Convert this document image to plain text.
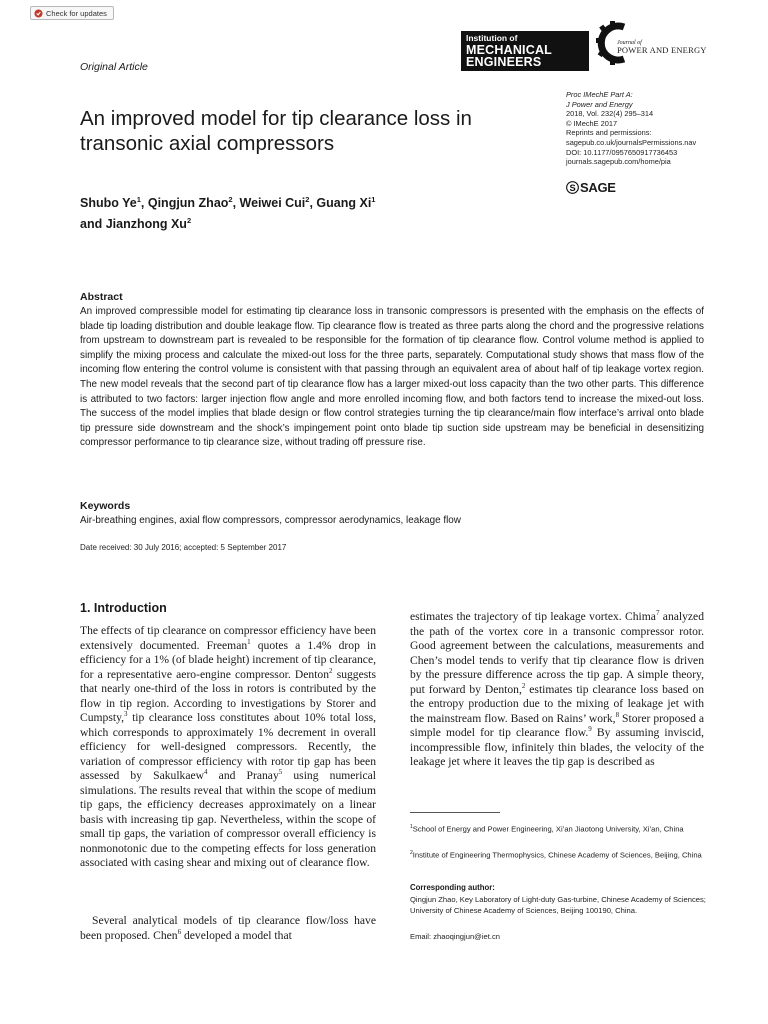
Check for updates
Original Article
Institution of
MECHANICAL
ENGINEERS
Journal of
POWER AND ENERGY
Proc IMechE Part A:
J Power and Energy
2018, Vol. 232(4) 295–314
© IMechE 2017
Reprints and permissions:
sagepub.co.uk/journalsPermissions.nav
DOI: 10.1177/0957650917736453
journals.sagepub.com/home/pia
S SAGE
An improved model for tip clearance loss in transonic axial compressors
Shubo Ye$^1$, Qingjun Zhao$^2$, Weiwei Cui$^2$, Guang Xi$^1$
and Jianzhong Xu$^2$
Abstract

An improved compressible model for estimating tip clearance loss in transonic compressors is presented with the emphasis on the effects of blade tip loading distribution and double leakage flow. Tip clearance flow is treated as three parts along the chord and the progressive relations from upstream to downstream part is revealed to be responsible for the formation of tip clearance flow. Control volume method is applied to simplify the mixing process and calculate the mixed-out loss for the three parts, separately. Computational study shows that mass flow of the incoming flow entering the control volume is consistent with that passing through an equivalent area of about half of tip leakage vortex region. The new model reveals that the second part of tip clearance flow has a larger mixed-out loss capacity than the two other parts. This difference is attributed to two factors: larger injection flow angle and more enrolled incoming flow, and both factors tend to increase the mixed-out loss. The success of the model implies that blade design or flow control strategies turning the tip clearance/main flow interface’s arrival onto blade tip pressure side downstream and the shock’s impingement point onto blade tip suction side upstream may be beneficial in desensitizing compressor performance to tip clearance size, without trading off pressure rise.

Keywords
Air-breathing engines, axial flow compressors, compressor aerodynamics, leakage flow
Date received: 30 July 2016; accepted: 5 September 2017
1. Introduction

The effects of tip clearance on compressor efficiency have been extensively documented. Freeman$^1$ quotes a 1.4% drop in efficiency for a 1% (of blade height) increment of tip clearance, for a representative aero-engine compressor. Denton$^2$ suggests that nearly one-third of the loss in rotors is contributed by the flow in tip region. According to investigations by Storer and Cumpsty,$^3$ tip clearance loss constitutes about 10% total loss, which corresponds to approximately 1% decrement in overall efficiency for well-designed compressors. Recently, the variation of compressor efficiency with rotor tip gap has been assessed by Sakulkaew$^4$ and Pranay$^5$ using numerical simulations. The results reveal that within the scope of medium tip gaps, the efficiency decreases approximately on a linear basis with increasing tip gap. Nevertheless, within the scope of small tip gaps, the variation of compressor overall efficiency is nonmonotonic due to the competing effects for loss generation associated with casing shear and mixing out of clearance flow.

Several analytical models of tip clearance flow/loss have been proposed. Chen$^6$ developed a model that

estimates the trajectory of tip leakage vortex. Chima$^7$ analyzed the path of the vortex core in a transonic compressor rotor. Good agreement between the calculations, measurements and Chen’s model tends to verify that tip clearance flow is driven by the pressure difference across the tip gap. A simple theory, put forward by Denton,$^2$ estimates tip clearance loss based on the entropy production due to the mixing of leakage jet with the mainstream flow. Based on Rains’ work,$^8$ Storer proposed a simple model for tip clearance flow.$^9$ By assuming inviscid, incompressible flow, infinitely thin blades, the velocity of the leakage jet where it leaves the tip gap is described as

$^1$School of Energy and Power Engineering, Xi’an Jiaotong University, Xi’an, China
$^2$Institute of Engineering Thermophysics, Chinese Academy of Sciences, Beijing, China
Corresponding author:
Qingjun Zhao, Key Laboratory of Light-duty Gas-turbine, Chinese Academy of Sciences; University of Chinese Academy of Sciences, Beijing 100190, China.
Email: zhaoqingjun@iet.cn
